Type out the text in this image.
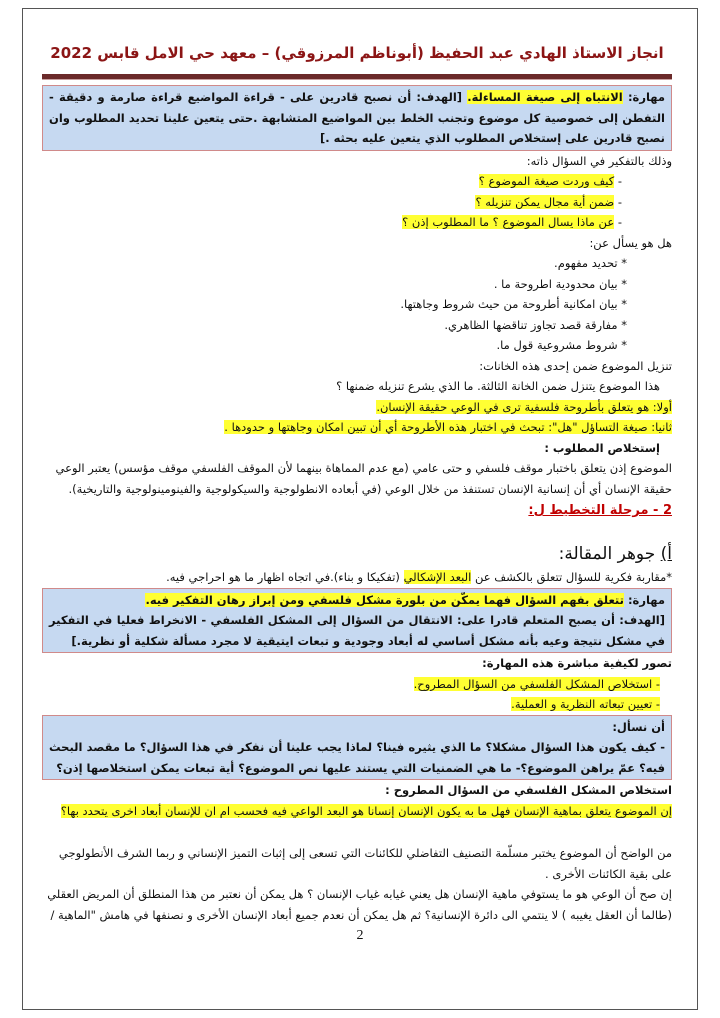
انجاز الاستاذ الهادي عبد الحفيظ (أبوناظم المرزوقي) – معهد حي الامل قابس 2022
مهارة: الانتباه إلى صيغة المساءلة. [الهدف: أن نصبح قادرين على - قراءة المواضيع قراءة صارمة و دقيقة - التفطن إلى خصوصية كل موضوع وتجنب الخلط بين المواضيع المتشابهة .حتى يتعين علينا تحديد المطلوب وان نصبح قادرين على إستخلاص المطلوب الذي يتعين عليه بحثه .]

وذلك بالتفكير في السؤال ذاته:

- كيف وردت صيغة الموضوع ؟

- ضمن أية مجال يمكن تنزيله ؟

- عن ماذا يسال الموضوع ؟ ما المطلوب إذن ؟

هل هو يسأل عن:

* تحديد مفهوم.

* بيان محدودية اطروحة ما .

* بيان امكانية أطروحة من حيث شروط وجاهتها.

* مفارقة قصد تجاوز تناقضها الظاهري.

* شروط مشروعية قول ما.

تنزيل الموضوع ضمن إحدى هذه الخانات:

هذا الموضوع يتنزل ضمن الخانة الثالثة. ما الذي يشرع تنزيله ضمنها ؟

أولا: هو يتعلق بأطروحة فلسفية ترى في الوعي حقيقة الإنسان.

ثانيا: صيغة التساؤل "هل": تبحث في اختبار هذه الأطروحة أي أن تبين امكان وجاهتها و حدودها .

إستخلاص المطلوب :

الموضوع إذن يتعلق باختبار موقف فلسفي و حتى عامي (مع عدم المماهاة بينهما لأن الموقف الفلسفي موقف مؤسس) يعتبر الوعي حقيقة الإنسان أي أن إنسانية الإنسان تستنفذ من خلال الوعي (في أبعاده الانطولوجية والسيكولوجية والفينومينولوجية والتاريخية).

2 - مرحلة التخطيط ل:

أ) جوهر المقالة:

*مقاربة فكرية للسؤال تتعلق بالكشف عن البعد الإشكالي (تفكيكا و بناء).في اتجاه اظهار ما هو احراجي فيه.

مهارة: تتعلق بفهم السؤال فهما يمكّن من بلورة مشكل فلسفي ومن إبراز رهان التفكير فيه.
[الهدف: أن يصبح المتعلم قادرا على: الانتقال من السؤال إلى المشكل الفلسفي - الانخراط فعليا في التفكير في مشكل نتيجة وعيه بأنه مشكل أساسي له أبعاد وجودية و تبعات ايتيقية لا مجرد مسألة شكلية أو نظرية.]

تصور لكيفية مباشرة هذه المهارة:

- استخلاص المشكل الفلسفي من السؤال المطروح.

- تعيين تبعاته النظرية و العملية.

أن نسأل:
- كيف يكون هذا السؤال مشكلا؟ ما الذي يثيره فينا؟ لماذا يجب علينا أن نفكر في هذا السؤال؟ ما مقصد البحث فيه؟ عمّ يراهن الموضوع؟- ما هي الضمنيات التي يستند عليها نص الموضوع؟ أية تبعات يمكن استخلاصها إذن؟

استخلاص المشكل الفلسفي من السؤال المطروح :

إن الموضوع يتعلق بماهية الإنسان فهل ما به يكون الإنسان إنسانا هو البعد الواعي فيه فحسب ام ان للإنسان أبعاد اخرى يتحدد بها؟

من الواضح أن الموضوع يختبر مسلّمة التصنيف التفاضلي للكائنات التي تسعى إلى إثبات التميز الإنساني و ربما الشرف الأنطولوجي على بقية الكائنات الأخرى .

إن صح أن الوعي هو ما يستوفي ماهية الإنسان هل يعني غيابه غياب الإنسان ؟ هل يمكن أن نعتبر من هذا المنطلق أن المريض العقلي (طالما أن العقل يغيبه ) لا ينتمي الى دائرة الإنسانية؟ ثم هل يمكن أن نعدم جميع أبعاد الإنسان الأخرى و نصنفها في هامش "الماهية /

2
